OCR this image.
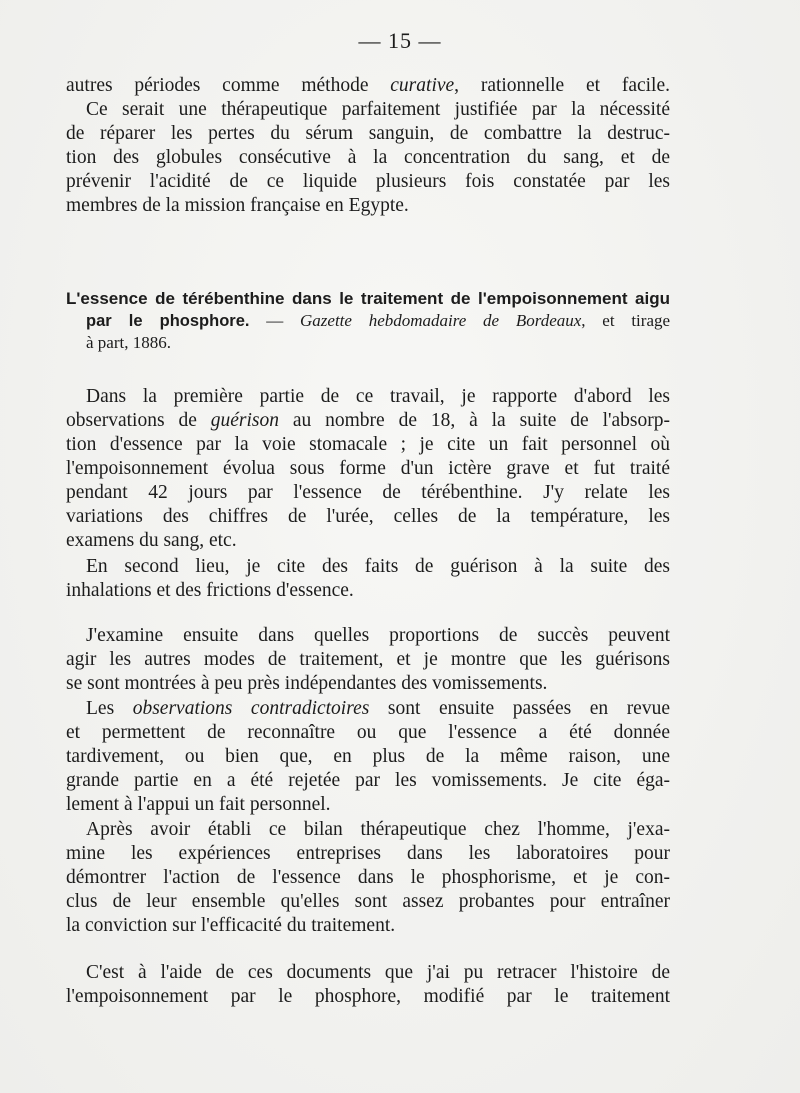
— 15 —
autres périodes comme méthode curative, rationnelle et facile.
Ce serait une thérapeutique parfaitement justifiée par la nécessité
de réparer les pertes du sérum sanguin, de combattre la destruc-
tion des globules consécutive à la concentration du sang, et de
prévenir l'acidité de ce liquide plusieurs fois constatée par les
membres de la mission française en Egypte.
L'essence de térébenthine dans le traitement de l'empoisonnement aigu
par le phosphore. — Gazette hebdomadaire de Bordeaux, et tirage
à part, 1886.
Dans la première partie de ce travail, je rapporte d'abord les
observations de guérison au nombre de 18, à la suite de l'absorp-
tion d'essence par la voie stomacale ; je cite un fait personnel où
l'empoisonnement évolua sous forme d'un ictère grave et fut traité
pendant 42 jours par l'essence de térébenthine. J'y relate les
variations des chiffres de l'urée, celles de la température, les
examens du sang, etc.
En second lieu, je cite des faits de guérison à la suite des
inhalations et des frictions d'essence.
J'examine ensuite dans quelles proportions de succès peuvent
agir les autres modes de traitement, et je montre que les guérisons
se sont montrées à peu près indépendantes des vomissements.
Les observations contradictoires sont ensuite passées en revue
et permettent de reconnaître ou que l'essence a été donnée
tardivement, ou bien que, en plus de la même raison, une
grande partie en a été rejetée par les vomissements. Je cite éga-
lement à l'appui un fait personnel.
Après avoir établi ce bilan thérapeutique chez l'homme, j'exa-
mine les expériences entreprises dans les laboratoires pour
démontrer l'action de l'essence dans le phosphorisme, et je con-
clus de leur ensemble qu'elles sont assez probantes pour entraîner
la conviction sur l'efficacité du traitement.
C'est à l'aide de ces documents que j'ai pu retracer l'histoire de
l'empoisonnement par le phosphore, modifié par le traitement
